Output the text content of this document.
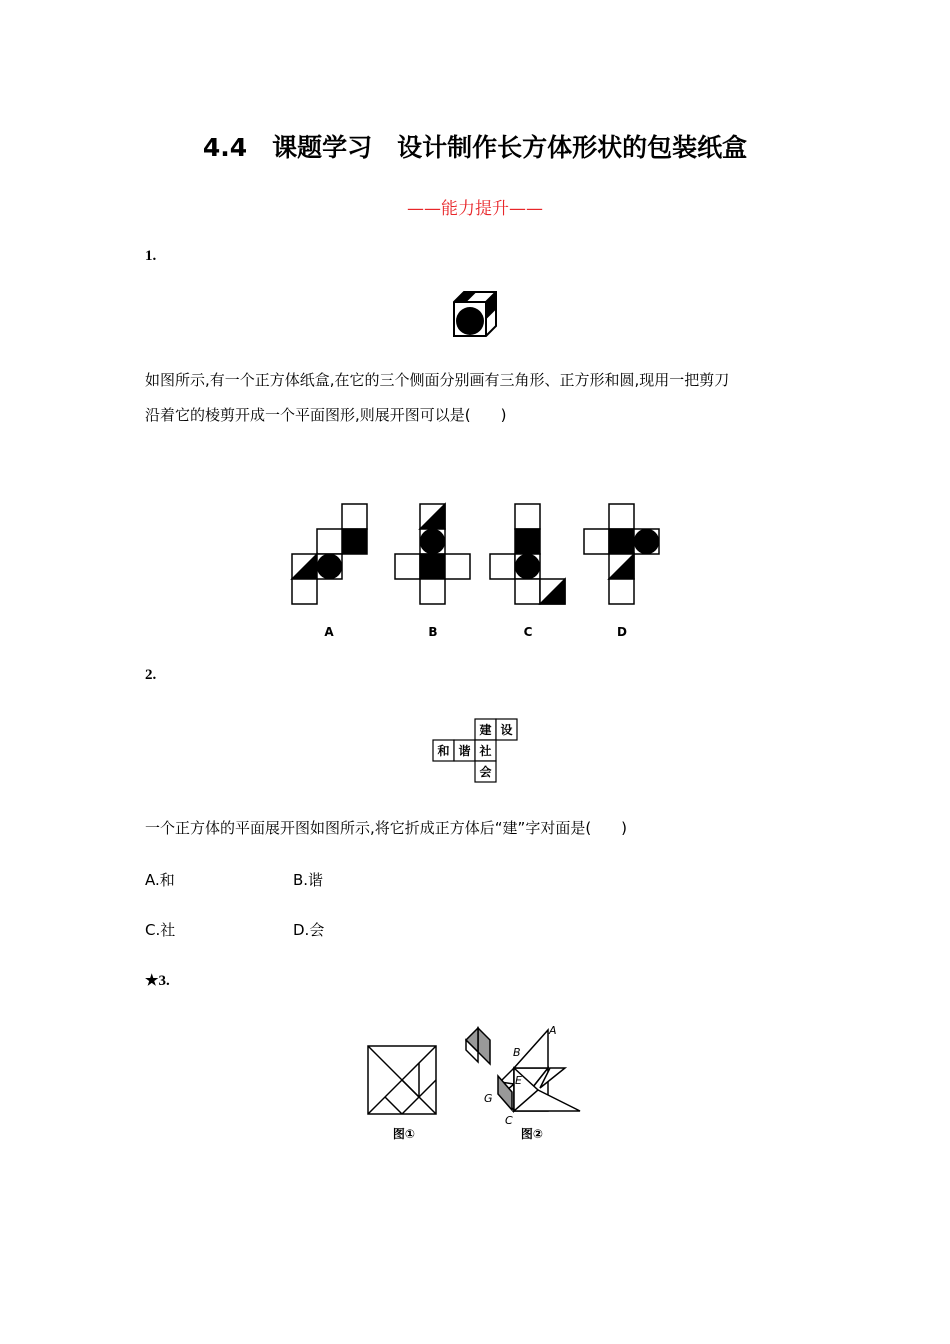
4.4　课题学习　设计制作长方体形状的包装纸盒
——能力提升——
1.
如图所示,有一个正方体纸盒,在它的三个侧面分别画有三角形、正方形和圆,现用一把剪刀
沿着它的棱剪开成一个平面图形,则展开图可以是(　　)
A	B	C	D
2.
建 设
和 谐 社
会
一个正方体的平面展开图如图所示,将它折成正方体后“建”字对面是(　　)
A.和	B.谐
C.社	D.会
★3.
图①
A
B
E
G
C
图②
